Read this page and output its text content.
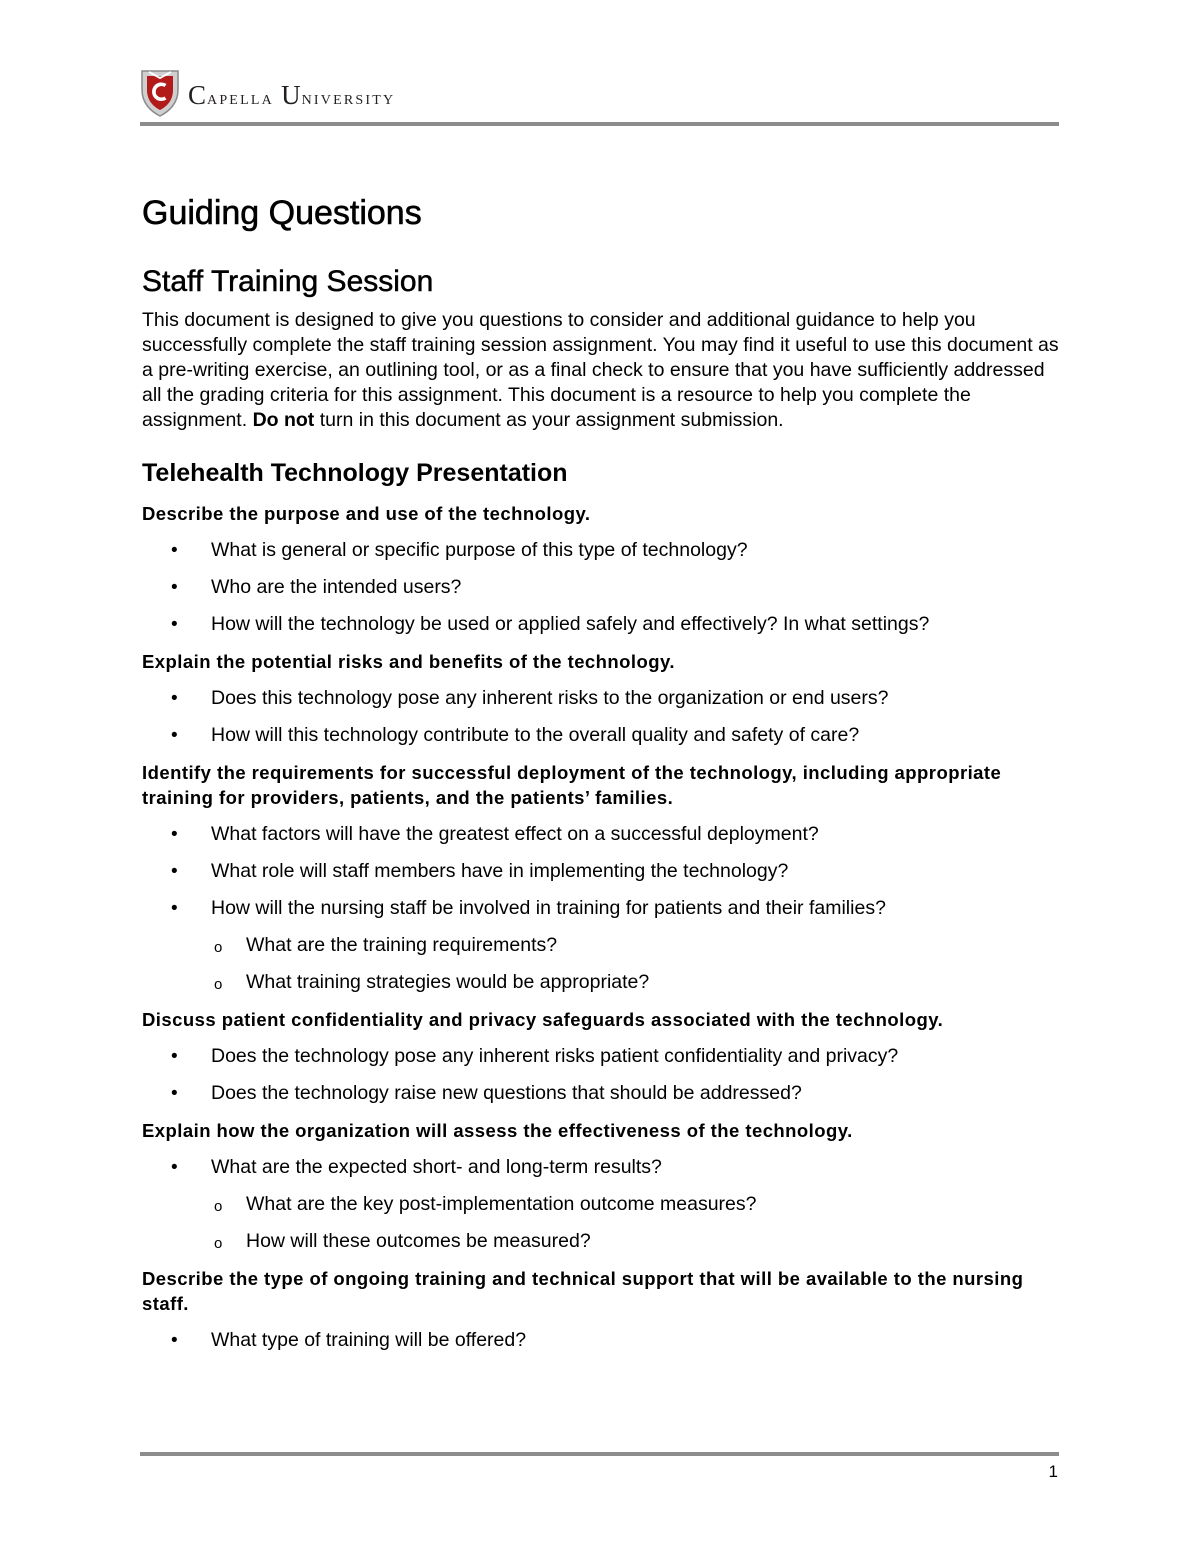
Capella University
Guiding Questions
Staff Training Session

This document is designed to give you questions to consider and additional guidance to help you successfully complete the staff training session assignment. You may find it useful to use this document as a pre-writing exercise, an outlining tool, or as a final check to ensure that you have sufficiently addressed all the grading criteria for this assignment. This document is a resource to help you complete the assignment. Do not turn in this document as your assignment submission.

Telehealth Technology Presentation
Describe the purpose and use of the technology.
• What is general or specific purpose of this type of technology?
• Who are the intended users?
• How will the technology be used or applied safely and effectively? In what settings?
Explain the potential risks and benefits of the technology.
• Does this technology pose any inherent risks to the organization or end users?
• How will this technology contribute to the overall quality and safety of care?
Identify the requirements for successful deployment of the technology, including appropriate training for providers, patients, and the patients’ families.
• What factors will have the greatest effect on a successful deployment?
• What role will staff members have in implementing the technology?
• How will the nursing staff be involved in training for patients and their families?
o What are the training requirements?
o What training strategies would be appropriate?
Discuss patient confidentiality and privacy safeguards associated with the technology.
• Does the technology pose any inherent risks patient confidentiality and privacy?
• Does the technology raise new questions that should be addressed?
Explain how the organization will assess the effectiveness of the technology.
• What are the expected short- and long-term results?
o What are the key post-implementation outcome measures?
o How will these outcomes be measured?
Describe the type of ongoing training and technical support that will be available to the nursing staff.
• What type of training will be offered?
1
